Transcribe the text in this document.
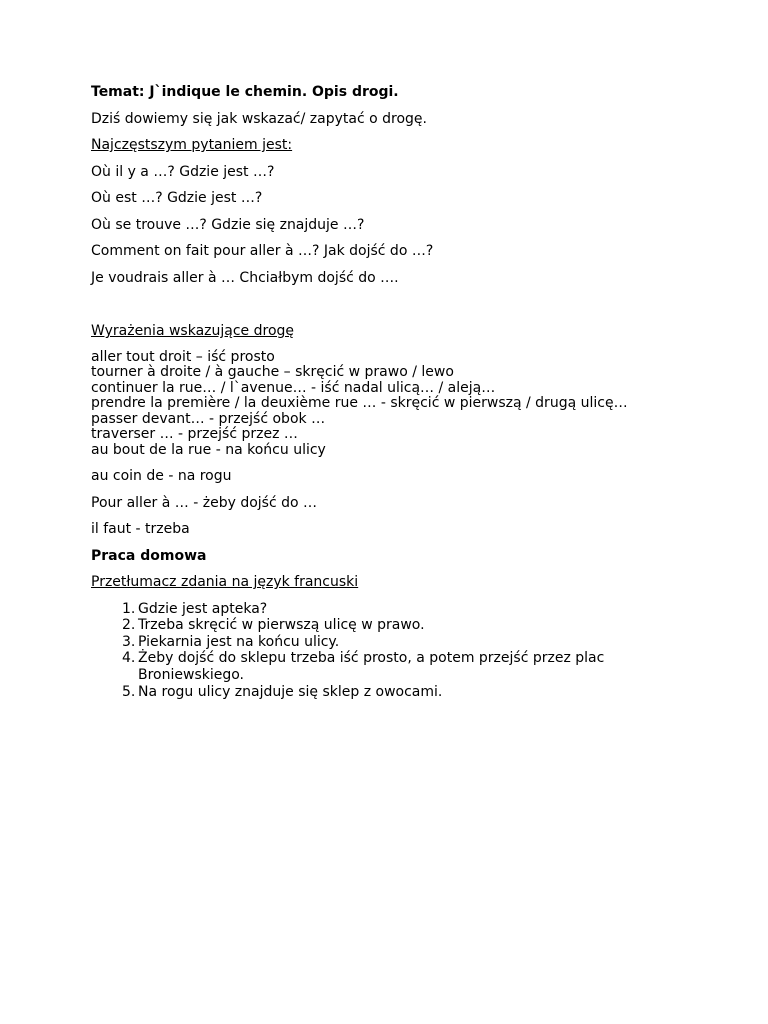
Temat: J`indique le chemin. Opis drogi.
Dziś dowiemy się jak wskazać/ zapytać o drogę.
Najczęstszym pytaniem jest:
Où il y a …? Gdzie jest …?
Où est …? Gdzie jest …?
Où se trouve …? Gdzie się znajduje …?
Comment on fait pour aller à …? Jak dojść do …?
Je voudrais aller à … Chciałbym dojść do ….
Wyrażenia wskazujące drogę
aller tout droit – iść prosto
tourner à droite / à gauche – skręcić w prawo / lewo
continuer la rue… / l`avenue… - iść nadal ulicą… / aleją…
prendre la première / la deuxième rue … - skręcić w pierwszą / drugą ulicę…
passer devant… - przejść obok …
traverser … - przejść przez …
au bout de la rue - na końcu ulicy
au coin de - na rogu
Pour aller à … - żeby dojść do …
il faut - trzeba
Praca domowa
Przetłumacz zdania na język francuski
1. Gdzie jest apteka?
2. Trzeba skręcić w pierwszą ulicę w prawo.
3. Piekarnia jest na końcu ulicy.
4. Żeby dojść do sklepu trzeba iść prosto, a potem przejść przez plac Broniewskiego.
5. Na rogu ulicy znajduje się sklep z owocami.
